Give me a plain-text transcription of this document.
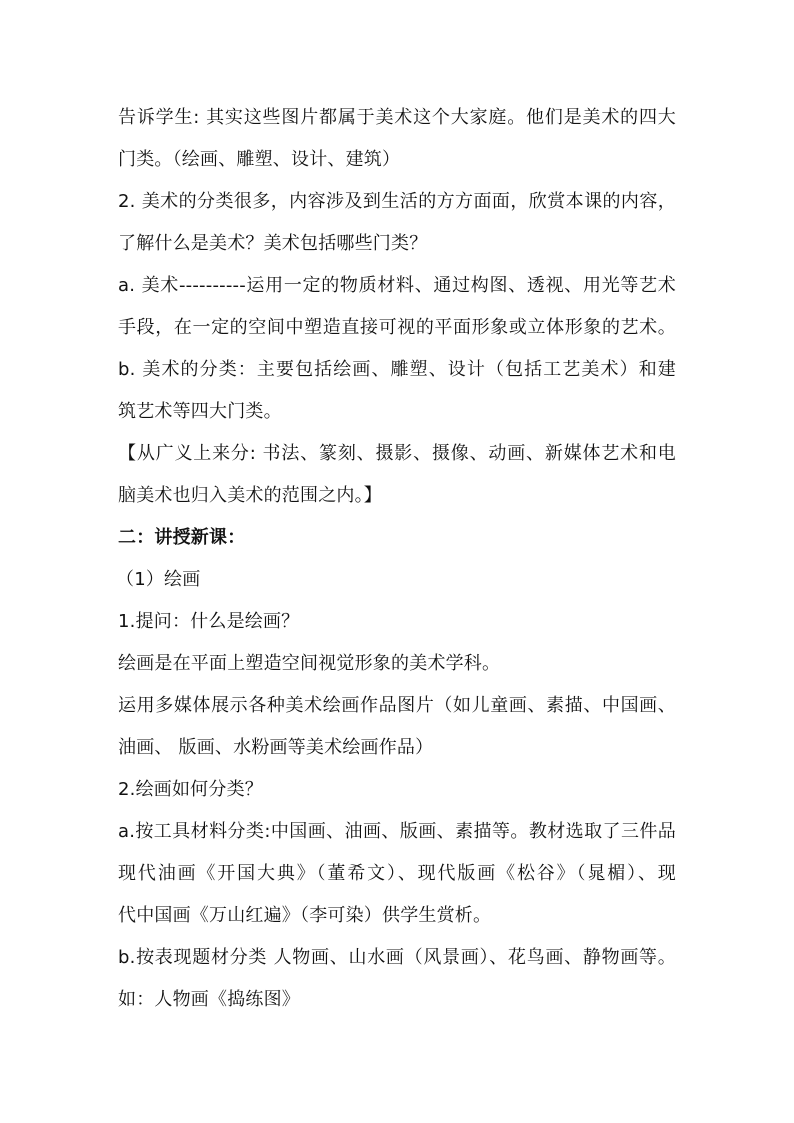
告诉学生: 其实这些图片都属于美术这个大家庭。他们是美术的四大
门类。（绘画、雕塑、设计、建筑）
2. 美术的分类很多，内容涉及到生活的方方面面，欣赏本课的内容，
了解什么是美术？美术包括哪些门类？
a. 美术----------运用一定的物质材料、通过构图、透视、用光等艺术
手段，在一定的空间中塑造直接可视的平面形象或立体形象的艺术。
b. 美术的分类：主要包括绘画、雕塑、设计（包括工艺美术）和建
筑艺术等四大门类。
【从广义上来分: 书法、篆刻、摄影、摄像、动画、新媒体艺术和电
脑美术也归入美术的范围之内。】
二：讲授新课：
（1）绘画
1.提问：什么是绘画？
绘画是在平面上塑造空间视觉形象的美术学科。
运用多媒体展示各种美术绘画作品图片（如儿童画、素描、中国画、
油画、 版画、水粉画等美术绘画作品）
2.绘画如何分类？
a.按工具材料分类:中国画、油画、版画、素描等。教材选取了三件品
现代油画《开国大典》（董希文）、现代版画《松谷》（晁楣）、现
代中国画《万山红遍》（李可染）供学生赏析。
b.按表现题材分类 人物画、山水画（风景画）、花鸟画、静物画等。
如：人物画《捣练图》
